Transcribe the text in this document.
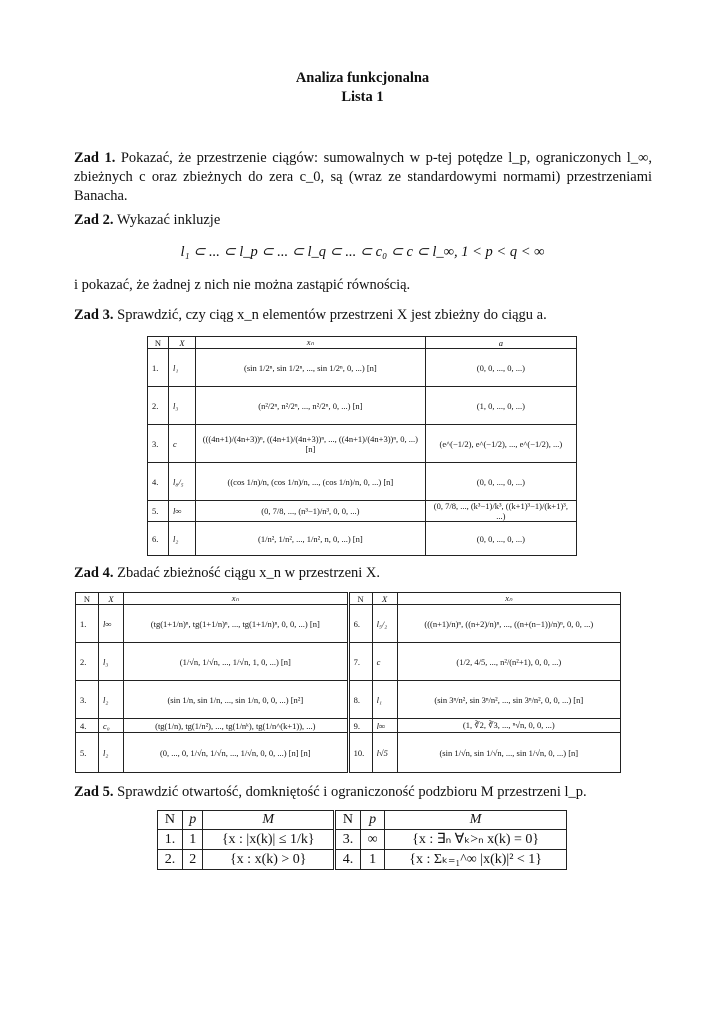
Analiza funkcjonalna
Lista 1
Zad 1. Pokazać, że przestrzenie ciągów: sumowalnych w p-tej potędze l_p, ograniczonych l_∞, zbieżnych c oraz zbieżnych do zera c_0, są (wraz ze standardowymi normami) przestrzeniami Banacha.
Zad 2. Wykazać inkluzje
l₁ ⊂ ... ⊂ l_p ⊂ ... ⊂ l_q ⊂ ... ⊂ c₀ ⊂ c ⊂ l_∞, 1 < p < q < ∞
i pokazać, że żadnej z nich nie można zastąpić równością.
Zad 3. Sprawdzić, czy ciąg x_n elementów przestrzeni X jest zbieżny do ciągu a.
N	X	xₙ	a
1.	l₁	(sin 1/2ⁿ, sin 1/2ⁿ, ..., sin 1/2ⁿ, 0, ...) [n]	(0, 0, ..., 0, ...)
2.	l₃	(n²/2ⁿ, n²/2ⁿ, ..., n²/2ⁿ, 0, ...) [n]	(1, 0, ..., 0, ...)
3.	c	(((4n+1)/(4n+3))ⁿ, ((4n+1)/(4n+3))ⁿ, ..., ((4n+1)/(4n+3))ⁿ, 0, ...) [n]	(e^(−1/2), e^(−1/2), ..., e^(−1/2), ...)
4.	l₈/₅	((cos 1/n)/n, (cos 1/n)/n, ..., (cos 1/n)/n, 0, ...) [n]	(0, 0, ..., 0, ...)
5.	l∞	(0, 7/8, ..., (n³−1)/n³, 0, 0, ...)	(0, 7/8, ..., (k³−1)/k³, ((k+1)³−1)/(k+1)³, ...)
6.	l₂	(1/n², 1/n², ..., 1/n², n, 0, ...) [n]	(0, 0, ..., 0, ...)
Zad 4. Zbadać zbieżność ciągu x_n w przestrzeni X.
N	X	xₙ		N	X	xₙ
1.	l∞	(tg(1+1/n)ⁿ, tg(1+1/n)ⁿ, ..., tg(1+1/n)ⁿ, 0, 0, ...) [n]		6.	l₅/₂	(((n+1)/n)ⁿ, ((n+2)/n)ⁿ, ..., ((n+(n−1))/n)ⁿ, 0, 0, ...)
2.	l₃	(1/√n, 1/√n, ..., 1/√n, 1, 0, ...) [n]		7.	c	(1/2, 4/5, ..., n²/(n²+1), 0, 0, ...)
3.	l₂	(sin 1/n, sin 1/n, ..., sin 1/n, 0, 0, ...) [n²]		8.	l₁	(sin 3ⁿ/n², sin 3ⁿ/n², ..., sin 3ⁿ/n², 0, 0, ...) [n]
4.	c₀	(tg(1/n), tg(1/n²), ..., tg(1/nᵏ), tg(1/n^(k+1)), ...)		9.	l∞	(1, ∛2, ∛3, ..., ⁿ√n, 0, 0, ...)
5.	l₂	(0, ..., 0, 1/√n, 1/√n, ..., 1/√n, 0, 0, ...) [n] [n]		10.	l√5	(sin 1/√n, sin 1/√n, ..., sin 1/√n, 0, ...) [n]
Zad 5. Sprawdzić otwartość, domkniętość i ograniczoność podzbioru M przestrzeni l_p.
N	p	M		N	p	M
1.	1	{x : |x(k)| ≤ 1/k}		3.	∞	{x : ∃ₙ ∀ₖ>ₙ x(k) = 0}
2.	2	{x : x(k) > 0}		4.	1	{x : Σₖ₌₁^∞ |x(k)|² < 1}
